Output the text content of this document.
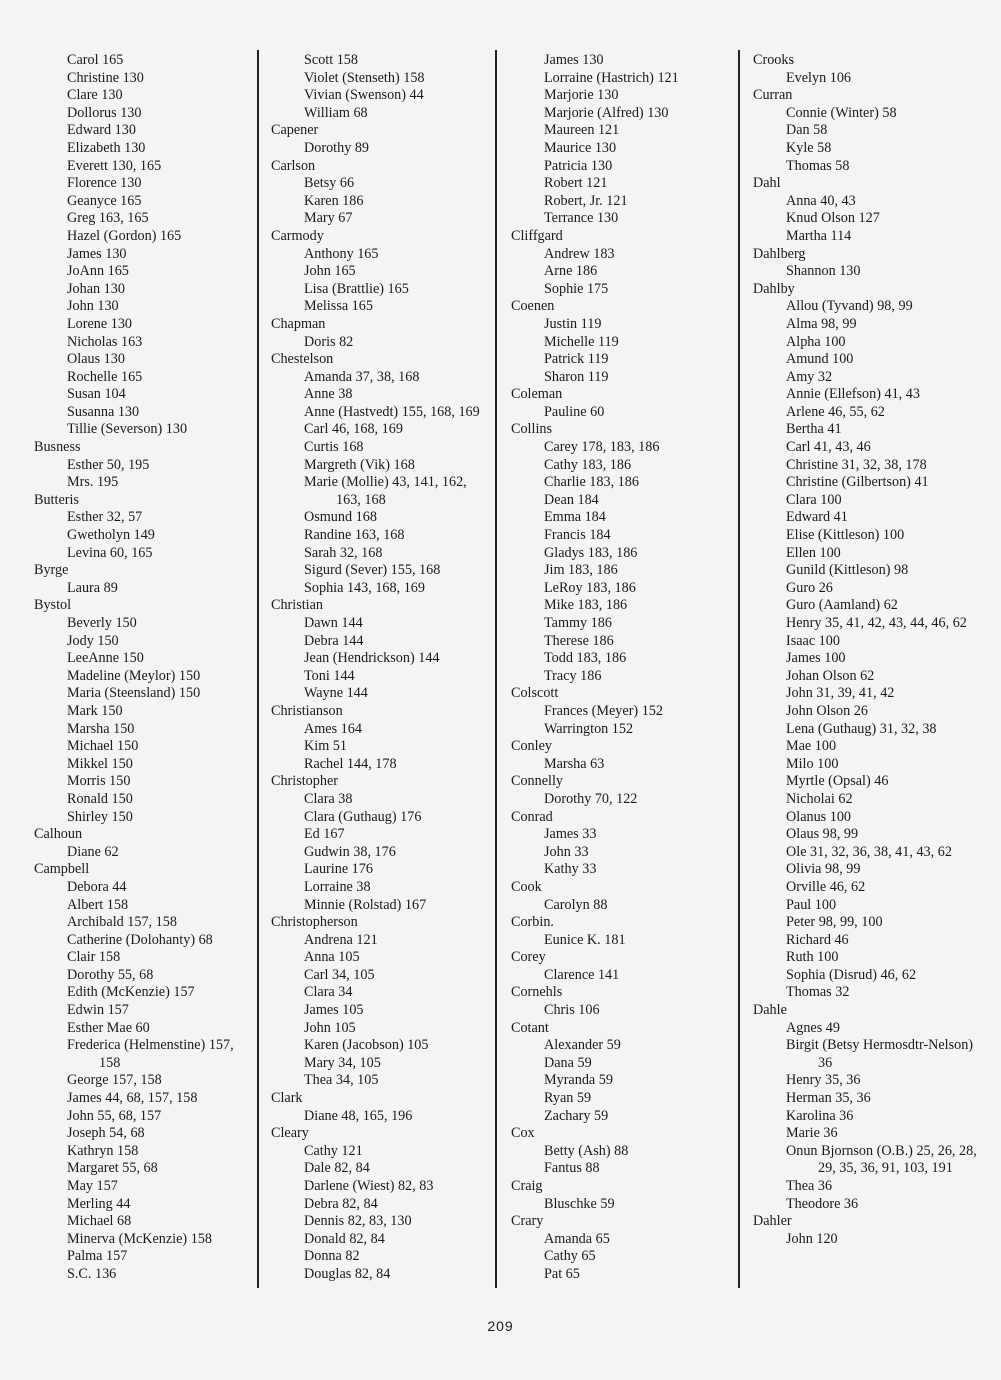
Carol 165
Christine 130
Clare 130
Dollorus 130
Edward 130
Elizabeth 130
Everett 130, 165
Florence 130
Geanyce 165
Greg 163, 165
Hazel (Gordon) 165
James 130
JoAnn 165
Johan 130
John 130
Lorene 130
Nicholas 163
Olaus 130
Rochelle 165
Susan 104
Susanna 130
Tillie (Severson) 130
Busness
Esther 50, 195
Mrs. 195
Butteris
Esther 32, 57
Gwetholyn 149
Levina 60, 165
Byrge
Laura 89
Bystol
Beverly 150
Jody 150
LeeAnne 150
Madeline (Meylor) 150
Maria (Steensland) 150
Mark 150
Marsha 150
Michael 150
Mikkel 150
Morris 150
Ronald 150
Shirley 150
Calhoun
Diane 62
Campbell
Debora 44
Albert 158
Archibald 157, 158
Catherine (Dolohanty) 68
Clair 158
Dorothy 55, 68
Edith (McKenzie) 157
Edwin 157
Esther Mae 60
Frederica (Helmenstine) 157, 158
George 157, 158
James 44, 68, 157, 158
John 55, 68, 157
Joseph 54, 68
Kathryn 158
Margaret 55, 68
May 157
Merling 44
Michael 68
Minerva (McKenzie) 158
Palma 157
S.C. 136
Scott 158
Violet (Stenseth) 158
Vivian (Swenson) 44
William 68
Capener
Dorothy 89
Carlson
Betsy 66
Karen 186
Mary 67
Carmody
Anthony 165
John 165
Lisa (Brattlie) 165
Melissa 165
Chapman
Doris 82
Chestelson
Amanda 37, 38, 168
Anne 38
Anne (Hastvedt) 155, 168, 169
Carl 46, 168, 169
Curtis 168
Margreth (Vik) 168
Marie (Mollie) 43, 141, 162, 163, 168
Osmund 168
Randine 163, 168
Sarah 32, 168
Sigurd (Sever) 155, 168
Sophia 143, 168, 169
Christian
Dawn 144
Debra 144
Jean (Hendrickson) 144
Toni 144
Wayne 144
Christianson
Ames 164
Kim 51
Rachel 144, 178
Christopher
Clara 38
Clara (Guthaug) 176
Ed 167
Gudwin 38, 176
Laurine 176
Lorraine 38
Minnie (Rolstad) 167
Christopherson
Andrena 121
Anna 105
Carl 34, 105
Clara 34
James 105
John 105
Karen (Jacobson) 105
Mary 34, 105
Thea 34, 105
Clark
Diane 48, 165, 196
Cleary
Cathy 121
Dale 82, 84
Darlene (Wiest) 82, 83
Debra 82, 84
Dennis 82, 83, 130
Donald 82, 84
Donna 82
Douglas 82, 84
James 130
Lorraine (Hastrich) 121
Marjorie 130
Marjorie (Alfred) 130
Maureen 121
Maurice 130
Patricia 130
Robert 121
Robert, Jr. 121
Terrance 130
Cliffgard
Andrew 183
Arne 186
Sophie 175
Coenen
Justin 119
Michelle 119
Patrick 119
Sharon 119
Coleman
Pauline 60
Collins
Carey 178, 183, 186
Cathy 183, 186
Charlie 183, 186
Dean 184
Emma 184
Francis 184
Gladys 183, 186
Jim 183, 186
LeRoy 183, 186
Mike 183, 186
Tammy 186
Therese 186
Todd 183, 186
Tracy 186
Colscott
Frances (Meyer) 152
Warrington 152
Conley
Marsha 63
Connelly
Dorothy 70, 122
Conrad
James 33
John 33
Kathy 33
Cook
Carolyn 88
Corbin.
Eunice K. 181
Corey
Clarence 141
Cornehls
Chris 106
Cotant
Alexander 59
Dana 59
Myranda 59
Ryan 59
Zachary 59
Cox
Betty (Ash) 88
Fantus 88
Craig
Bluschke 59
Crary
Amanda 65
Cathy 65
Pat 65
Crooks
Evelyn 106
Curran
Connie (Winter) 58
Dan 58
Kyle 58
Thomas 58
Dahl
Anna 40, 43
Knud Olson 127
Martha 114
Dahlberg
Shannon 130
Dahlby
Allou (Tyvand) 98, 99
Alma 98, 99
Alpha 100
Amund 100
Amy 32
Annie (Ellefson) 41, 43
Arlene 46, 55, 62
Bertha 41
Carl 41, 43, 46
Christine 31, 32, 38, 178
Christine (Gilbertson) 41
Clara 100
Edward 41
Elise (Kittleson) 100
Ellen 100
Gunild (Kittleson) 98
Guro 26
Guro (Aamland) 62
Henry 35, 41, 42, 43, 44, 46, 62
Isaac 100
James 100
Johan Olson 62
John 31, 39, 41, 42
John Olson 26
Lena (Guthaug) 31, 32, 38
Mae 100
Milo 100
Myrtle (Opsal) 46
Nicholai 62
Olanus 100
Olaus 98, 99
Ole 31, 32, 36, 38, 41, 43, 62
Olivia 98, 99
Orville 46, 62
Paul 100
Peter 98, 99, 100
Richard 46
Ruth 100
Sophia (Disrud) 46, 62
Thomas 32
Dahle
Agnes 49
Birgit (Betsy Hermosdtr-Nelson) 36
Henry 35, 36
Herman 35, 36
Karolina 36
Marie 36
Onun Bjornson (O.B.) 25, 26, 28, 29, 35, 36, 91, 103, 191
Thea 36
Theodore 36
Dahler
John 120
209
